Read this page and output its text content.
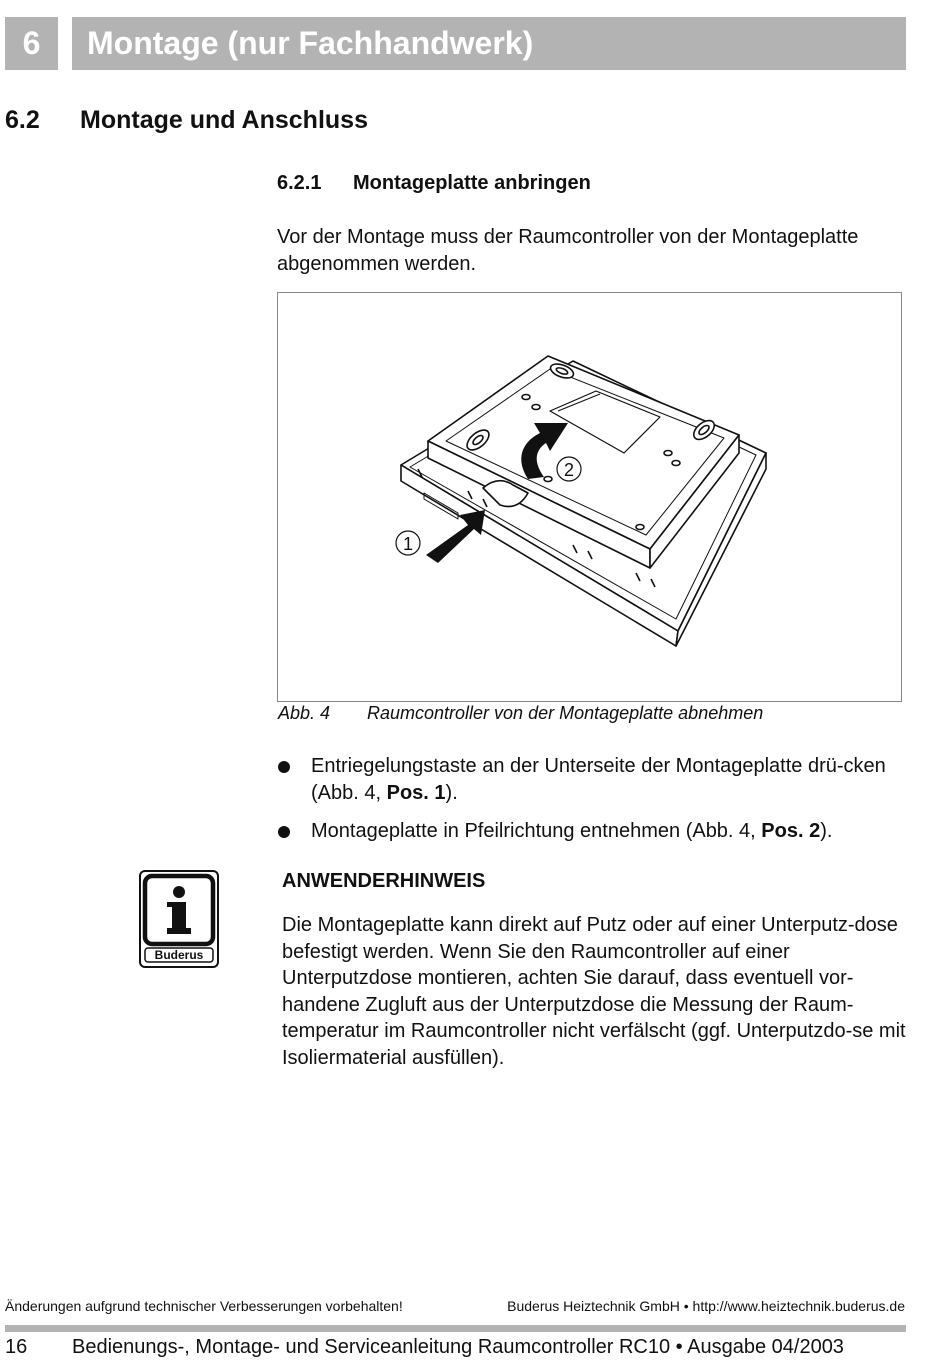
6	Montage (nur Fachhandwerk)
6.2 Montage und Anschluss
6.2.1 Montageplatte anbringen

Vor der Montage muss der Raumcontroller von der Montageplatte abgenommen werden.

1
2
Abb. 4 Raumcontroller von der Montageplatte abnehmen
Entriegelungstaste an der Unterseite der Montageplatte drü-cken (Abb. 4, Pos. 1).
Montageplatte in Pfeilrichtung entnehmen (Abb. 4, Pos. 2).
Buderus
ANWENDERHINWEIS

Die Montageplatte kann direkt auf Putz oder auf einer Unterputz-dose befestigt werden. Wenn Sie den Raumcontroller auf einer Unterputzdose montieren, achten Sie darauf, dass eventuell vor-handene Zugluft aus der Unterputzdose die Messung der Raum-temperatur im Raumcontroller nicht verfälscht (ggf. Unterputzdo-se mit Isoliermaterial ausfüllen).

Änderungen aufgrund technischer Verbesserungen vorbehalten!	Buderus Heiztechnik GmbH • http://www.heiztechnik.buderus.de
16 Bedienungs-, Montage- und Serviceanleitung Raumcontroller RC10 • Ausgabe 04/2003
